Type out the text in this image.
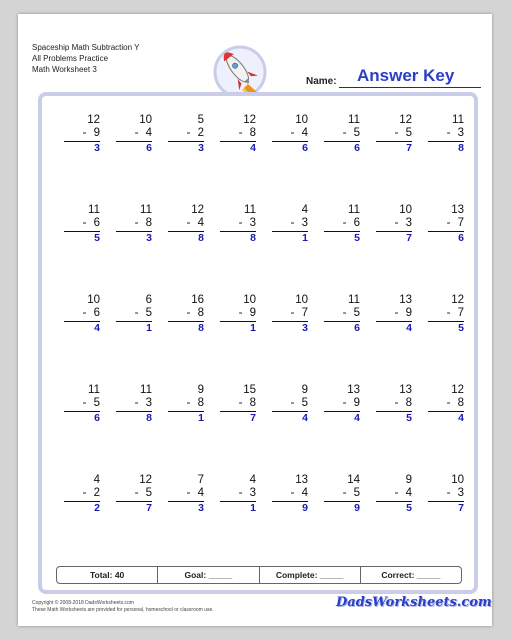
Spaceship Math Subtraction Y
All Problems Practice
Math Worksheet 3
Name: Answer Key
12
- 9
3
10
- 4
6
5
- 2
3
12
- 8
4
10
- 4
6
11
- 5
6
12
- 5
7
11
- 3
8
11
- 6
5
11
- 8
3
12
- 4
8
11
- 3
8
4
- 3
1
11
- 6
5
10
- 3
7
13
- 7
6
10
- 6
4
6
- 5
1
16
- 8
8
10
- 9
1
10
- 7
3
11
- 5
6
13
- 9
4
12
- 7
5
11
- 5
6
11
- 3
8
9
- 8
1
15
- 8
7
9
- 5
4
13
- 9
4
13
- 8
5
12
- 8
4
4
- 2
2
12
- 5
7
7
- 4
3
4
- 3
1
13
- 4
9
14
- 5
9
9
- 4
5
10
- 3
7
Total: 40	Goal: _____	Complete: _____	Correct: _____
Copyright © 2008-2018 DadsWorksheets.com
These Math Worksheets are provided for personal, homeschool or classroom use.	DadsWorksheets.com
